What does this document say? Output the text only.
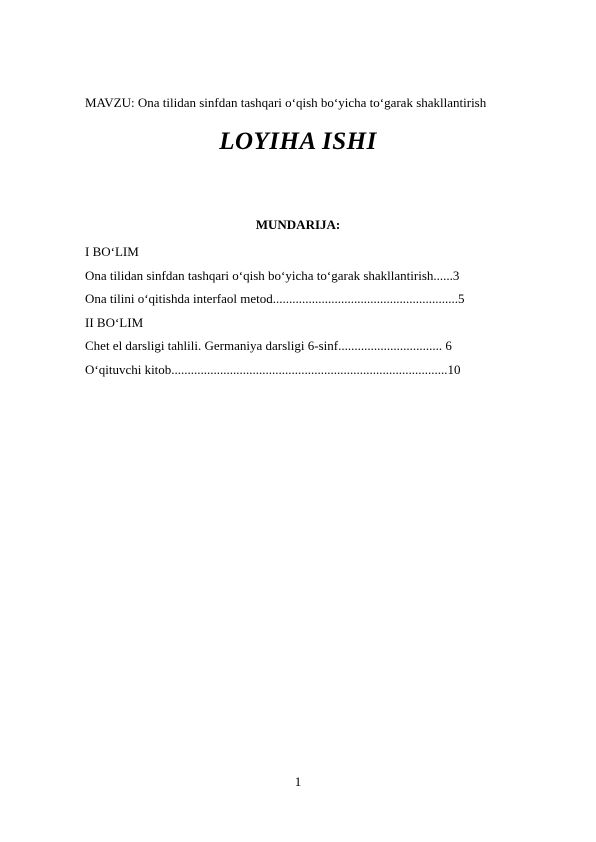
MAVZU: Ona tilidan sinfdan tashqari o‘qish bo‘yicha to‘garak shakllantirish
LOYIHA ISHI
MUNDARIJA:
I BO‘LIM
Ona tilidan sinfdan tashqari o‘qish bo‘yicha to‘garak shakllantirish......3
Ona tilini o‘qitishda interfaol metod.........................................................5
II BO‘LIM
Chet el darsligi tahlili. Germaniya darsligi 6-sinf................................ 6
O‘qituvchi kitob.....................................................................................10
1
